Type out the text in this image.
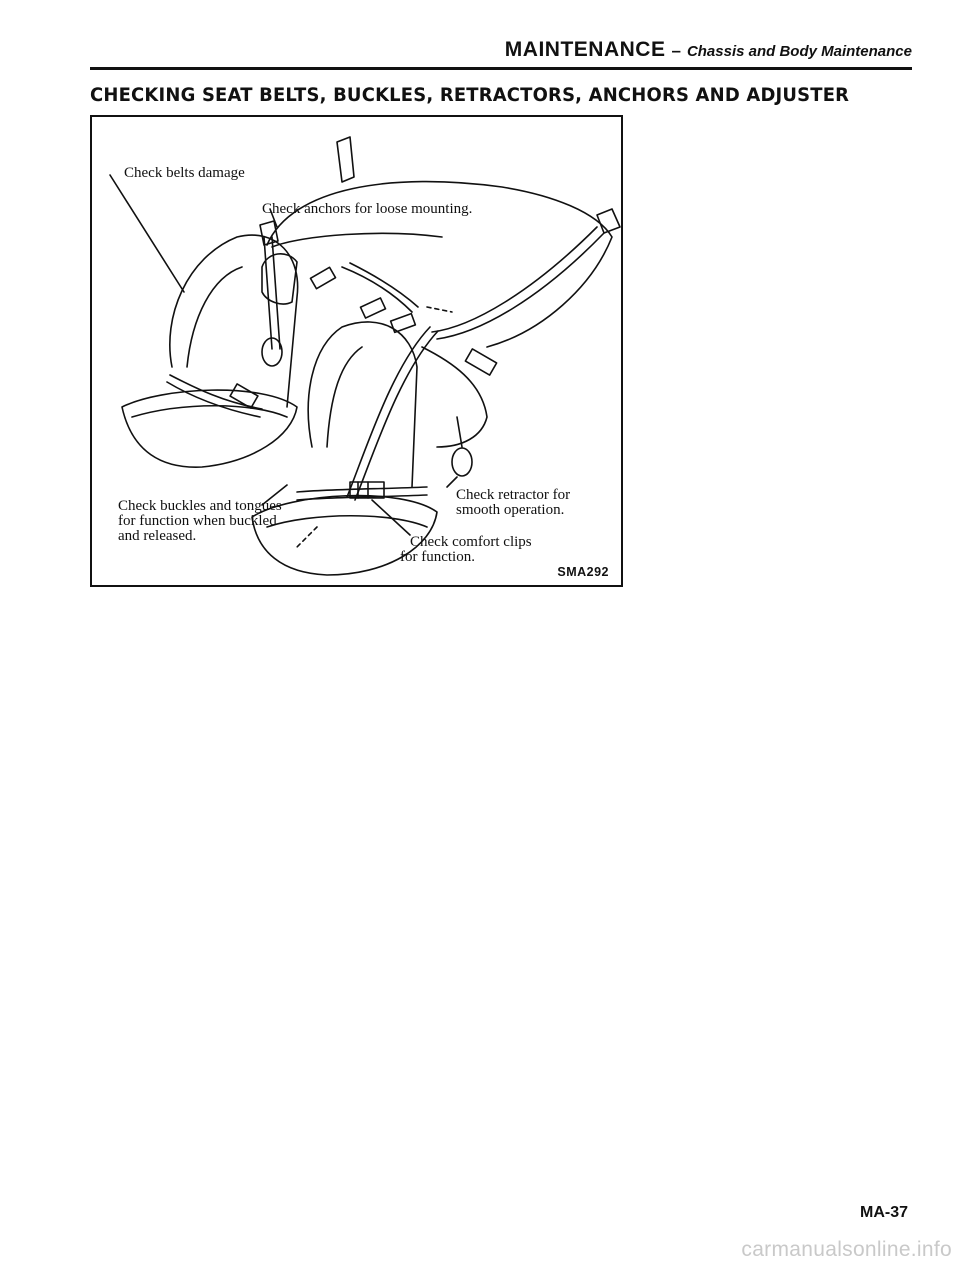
MAINTENANCE – Chassis and Body Maintenance
CHECKING SEAT BELTS, BUCKLES, RETRACTORS, ANCHORS AND ADJUSTER
Check belts damage
Check anchors for loose mounting.
Check buckles and tongues
for function when buckled
and released.
Check retractor for
smooth operation.
Check comfort clips
for function.
SMA292
MA-37
carmanualsonline.info
